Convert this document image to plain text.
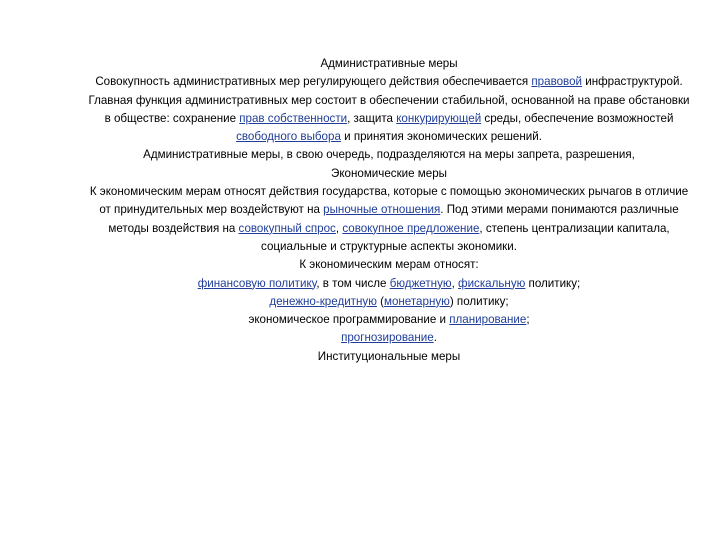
Административные меры

Совокупность административных мер регулирующего действия обеспечивается правовой инфраструктурой. Главная функция административных мер состоит в обеспечении стабильной, основанной на праве обстановки в обществе: сохранение прав собственности, защита конкурирующей среды, обеспечение возможностей свободного выбора и принятия экономических решений.

Административные меры, в свою очередь, подразделяются на меры запрета, разрешения,

Экономические меры

К экономическим мерам относят действия государства, которые с помощью экономических рычагов в отличие от принудительных мер воздействуют на рыночные отношения. Под этими мерами понимаются различные методы воздействия на совокупный спрос, совокупное предложение, степень централизации капитала, социальные и структурные аспекты экономики.

К экономическим мерам относят:

финансовую политику, в том числе бюджетную, фискальную политику;

денежно-кредитную (монетарную) политику;

экономическое программирование и планирование;

прогнозирование.

Институциональные меры
